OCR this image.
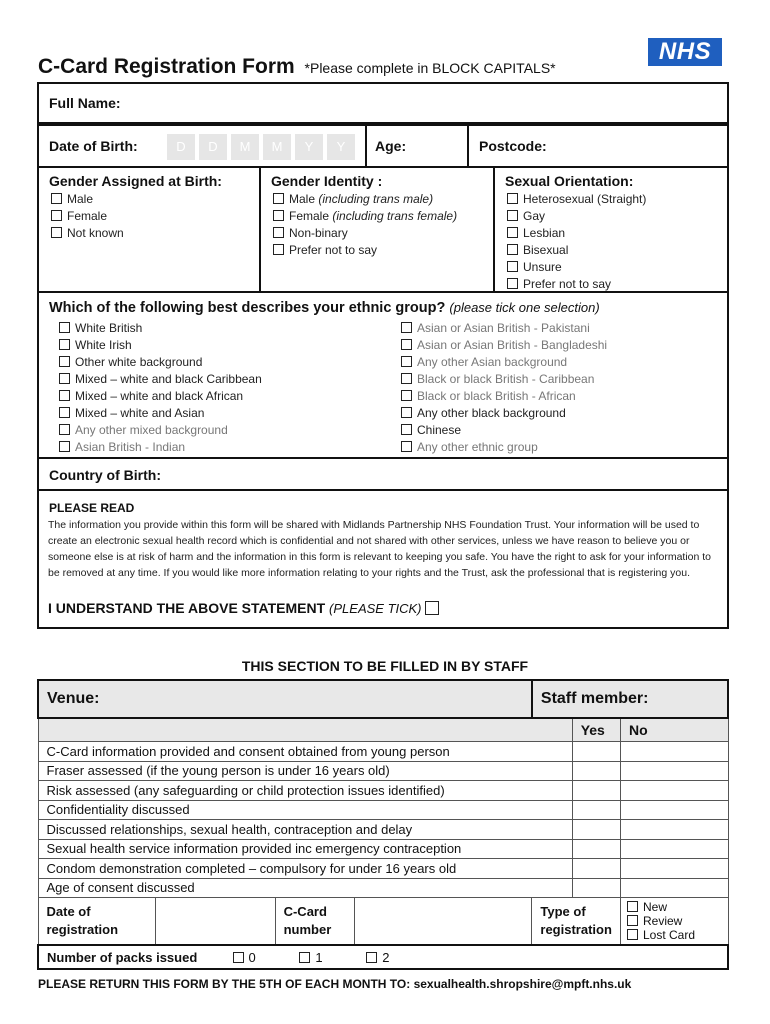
C-Card Registration Form *Please complete in BLOCK CAPITALS*
NHS
Full Name:
Date of Birth:	Age:	Postcode:
D	D	M	M	Y	Y
Gender Assigned at Birth:
Male
Female
Not known
Gender Identity :
Male (including trans male)
Female (including trans female)
Non-binary
Prefer not to say
Sexual Orientation:
Heterosexual (Straight)
Gay
Lesbian
Bisexual
Unsure
Prefer not to say
Which of the following best describes your ethnic group? (please tick one selection)
White British
White Irish
Other white background
Mixed – white and black Caribbean
Mixed – white and black African
Mixed – white and Asian
Any other mixed background
Asian British - Indian
Asian or Asian British - Pakistani
Asian or Asian British - Bangladeshi
Any other Asian background
Black or black British - Caribbean
Black or black British - African
Any other black background
Chinese
Any other ethnic group
Country of Birth:
PLEASE READ
The information you provide within this form will be shared with Midlands Partnership NHS Foundation Trust. Your information will be used to create an electronic sexual health record which is confidential and not shared with other services, unless we have reason to believe you or someone else is at risk of harm and the information in this form is relevant to keeping you safe. You have the right to ask for your information to be removed at any time. If you would like more information relating to your rights and the Trust, ask the professional that is registering you.
I UNDERSTAND THE ABOVE STATEMENT (PLEASE TICK)
THIS SECTION TO BE FILLED IN BY STAFF
Venue:				Staff member:		
					Yes	No
C-Card information provided and consent obtained from young person						
Fraser assessed (if the young person is under 16 years old)						
Risk assessed (any safeguarding or child protection issues identified)						
Confidentiality discussed						
Discussed relationships, sexual health, contraception and delay						
Sexual health service information provided inc emergency contraception						
Condom demonstration completed – compulsory for under 16 years old						
Age of consent discussed						
Date of registration		C-Card number		Type of registration		New
Review
Lost Card

Number of packs issued 0 1 2						
PLEASE RETURN THIS FORM BY THE 5TH OF EACH MONTH TO: sexualhealth.shropshire@mpft.nhs.uk
